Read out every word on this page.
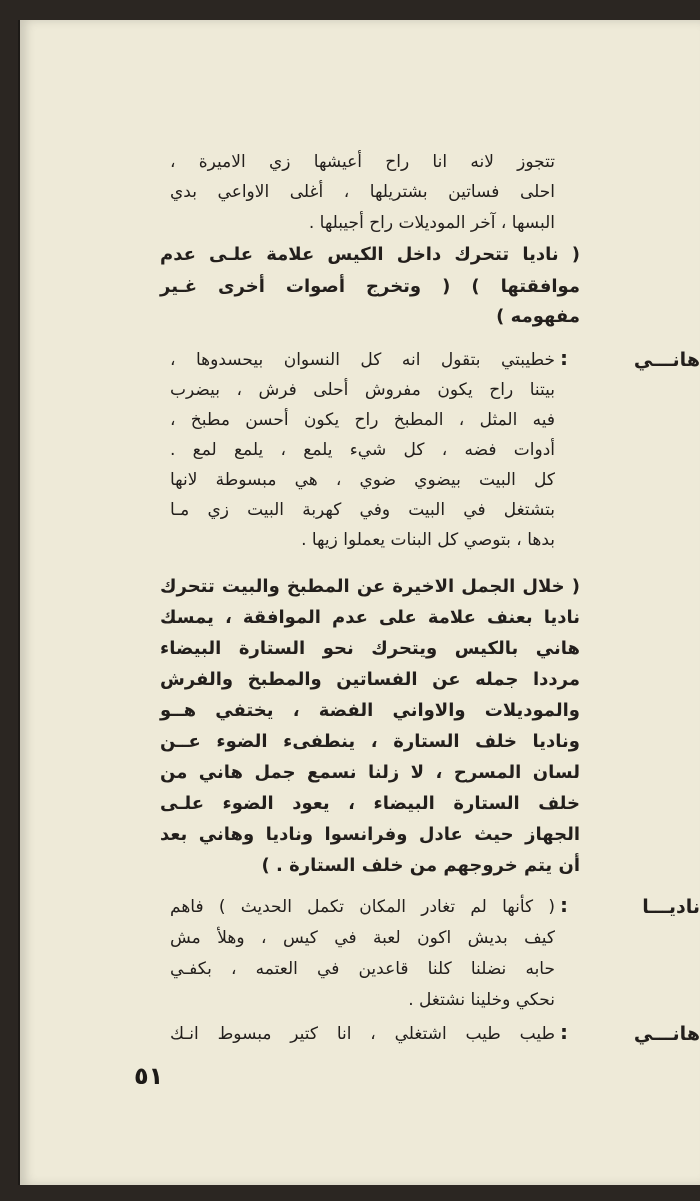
تتجوز لانه انا راح أعيشها زي الاميرة ،
احلى فساتين بشتريلها ، أغلى الاواعي بدي
البسها ، آخر الموديلات راح أجيبلها .
( ناديا تتحرك داخل الكيس علامة علـى عدم
موافقتها ) ( وتخرج أصوات أخرى غـير
مفهومه )
هانـــي
:
خطيبتي بتقول انه كل النسوان بيحسدوها ،
بيتنا راح يكون مفروش أحلى فرش ، بيضرب
فيه المثل ، المطبخ راح يكون أحسن مطبخ ،
أدوات فضه ، كل شيء يلمع ، يلمع لمع .
كل البيت بيضوي ضوي ، هي مبسوطة لانها
بتشتغل في البيت وفي كهربة البيت زي مـا
بدها ، بتوصي كل البنات يعملوا زيها .
( خلال الجمل الاخيرة عن المطبخ والبيت تتحرك
ناديا بعنف علامة على عدم الموافقة ، يمسك
هاني بالكيس ويتحرك نحو الستارة البيضاء
مرددا جمله عن الفساتين والمطبخ والفرش
والموديلات والاواني الفضة ، يختفي هــو
وناديا خلف الستارة ، ينطفىء الضوء عــن
لسان المسرح ، لا زلنا نسمع جمل هاني من
خلف الستارة البيضاء ، يعود الضوء علـى
الجهاز حيث عادل وفرانسوا وناديا وهاني بعد
أن يتم خروجهم من خلف الستارة . )
ناديـــا
:
( كأنها لم تغادر المكان تكمل الحديث ) فاهم
كيف بديش اكون لعبة في كيس ، وهلأ مش
حابه نضلنا كلنا قاعدين في العتمه ، بكفـي
نحكي وخلينا نشتغل .
هانـــي
:
طيب طيب اشتغلي ، انا كتير مبسوط انـك
٥١
